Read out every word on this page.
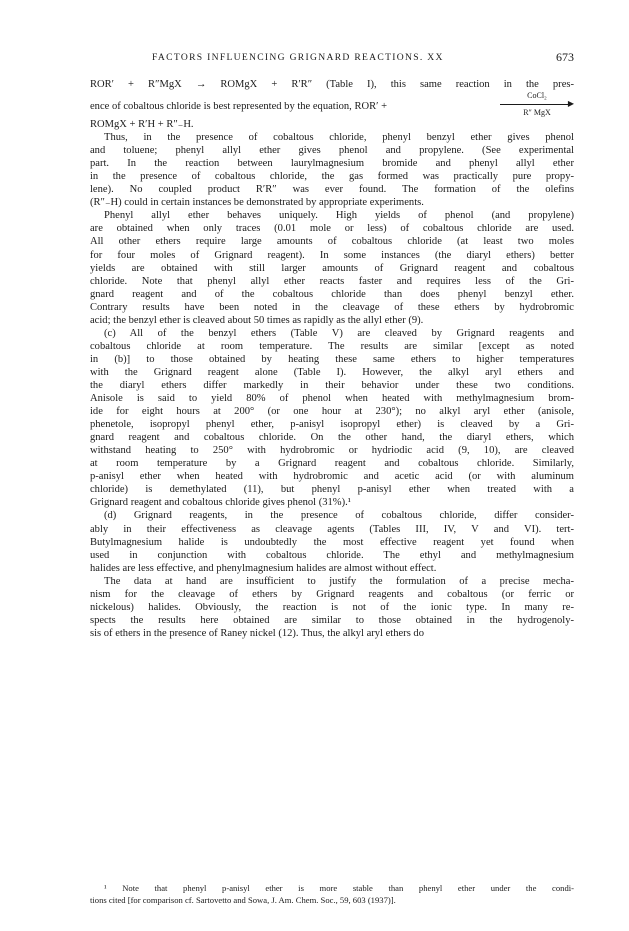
FACTORS INFLUENCING GRIGNARD REACTIONS. XX	673
ROR′ + R″MgX → ROMgX + R′R″ (Table I), this same reaction in the pres-
ence of cobaltous chloride is best represented by the equation, ROR′ +
CoCl₂
▶
R″ MgX
ROMgX + R′H + R″₋H.
Thus, in the presence of cobaltous chloride, phenyl benzyl ether gives phenol
and toluene; phenyl allyl ether gives phenol and propylene. (See experimental
part. In the reaction between laurylmagnesium bromide and phenyl allyl ether
in the presence of cobaltous chloride, the gas formed was practically pure propy-
lene). No coupled product R′R″ was ever found. The formation of the olefins
(R″₋H) could in certain instances be demonstrated by appropriate experiments.
Phenyl allyl ether behaves uniquely. High yields of phenol (and propylene)
are obtained when only traces (0.01 mole or less) of cobaltous chloride are used.
All other ethers require large amounts of cobaltous chloride (at least two moles
for four moles of Grignard reagent). In some instances (the diaryl ethers) better
yields are obtained with still larger amounts of Grignard reagent and cobaltous
chloride. Note that phenyl allyl ether reacts faster and requires less of the Gri-
gnard reagent and of the cobaltous chloride than does phenyl benzyl ether.
Contrary results have been noted in the cleavage of these ethers by hydrobromic
acid; the benzyl ether is cleaved about 50 times as rapidly as the allyl ether (9).
(c) All of the benzyl ethers (Table V) are cleaved by Grignard reagents and
cobaltous chloride at room temperature. The results are similar [except as noted
in (b)] to those obtained by heating these same ethers to higher temperatures
with the Grignard reagent alone (Table I). However, the alkyl aryl ethers and
the diaryl ethers differ markedly in their behavior under these two conditions.
Anisole is said to yield 80% of phenol when heated with methylmagnesium brom-
ide for eight hours at 200° (or one hour at 230°); no alkyl aryl ether (anisole,
phenetole, isopropyl phenyl ether, p-anisyl isopropyl ether) is cleaved by a Gri-
gnard reagent and cobaltous chloride. On the other hand, the diaryl ethers, which
withstand heating to 250° with hydrobromic or hydriodic acid (9, 10), are cleaved
at room temperature by a Grignard reagent and cobaltous chloride. Similarly,
p-anisyl ether when heated with hydrobromic and acetic acid (or with aluminum
chloride) is demethylated (11), but phenyl p-anisyl ether when treated with a
Grignard reagent and cobaltous chloride gives phenol (31%).¹
(d) Grignard reagents, in the presence of cobaltous chloride, differ consider-
ably in their effectiveness as cleavage agents (Tables III, IV, V and VI). tert-
Butylmagnesium halide is undoubtedly the most effective reagent yet found when
used in conjunction with cobaltous chloride. The ethyl and methylmagnesium
halides are less effective, and phenylmagnesium halides are almost without effect.
The data at hand are insufficient to justify the formulation of a precise mecha-
nism for the cleavage of ethers by Grignard reagents and cobaltous (or ferric or
nickelous) halides. Obviously, the reaction is not of the ionic type. In many re-
spects the results here obtained are similar to those obtained in the hydrogenoly-
sis of ethers in the presence of Raney nickel (12). Thus, the alkyl aryl ethers do
¹ Note that phenyl p-anisyl ether is more stable than phenyl ether under the condi-
tions cited [for comparison cf. Sartovetto and Sowa, J. Am. Chem. Soc., 59, 603 (1937)].
